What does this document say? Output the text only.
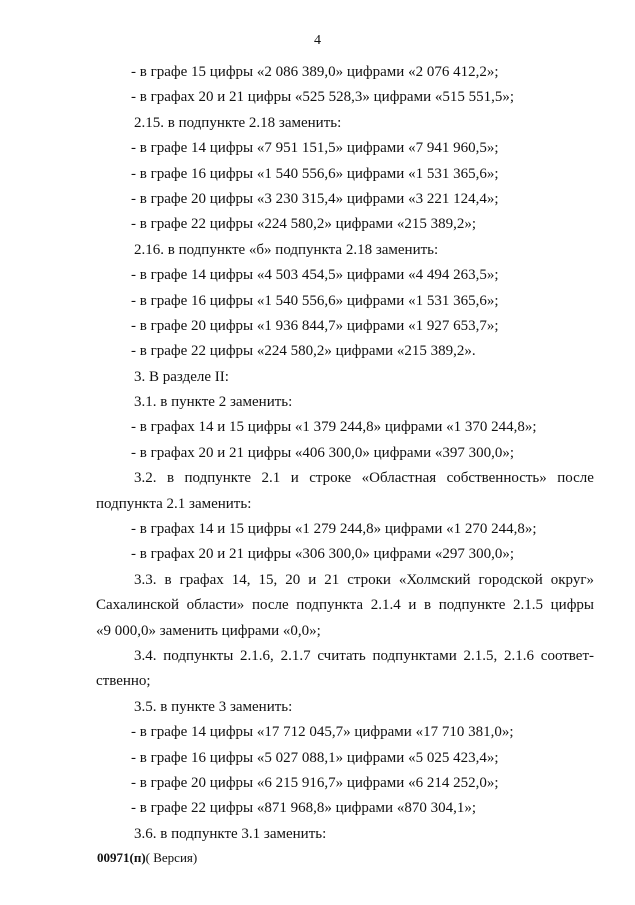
4
- в графе 15 цифры «2 086 389,0» цифрами «2 076 412,2»;
- в графах 20 и 21 цифры «525 528,3» цифрами «515 551,5»;
2.15. в подпункте 2.18 заменить:
- в графе 14 цифры «7 951 151,5» цифрами «7 941 960,5»;
- в графе 16 цифры «1 540 556,6» цифрами «1 531 365,6»;
- в графе 20 цифры «3 230 315,4» цифрами «3 221 124,4»;
- в графе 22 цифры «224 580,2» цифрами «215 389,2»;
2.16. в подпункте «б» подпункта 2.18 заменить:
- в графе 14 цифры «4 503 454,5» цифрами «4 494 263,5»;
- в графе 16 цифры «1 540 556,6» цифрами «1 531 365,6»;
- в графе 20 цифры «1 936 844,7» цифрами «1 927 653,7»;
- в графе 22 цифры «224 580,2» цифрами «215 389,2».
3. В разделе II:
3.1. в пункте 2 заменить:
- в графах 14 и 15 цифры «1 379 244,8» цифрами «1 370 244,8»;
- в графах 20 и 21 цифры «406 300,0» цифрами «397 300,0»;
3.2. в подпункте 2.1 и строке «Областная собственность» после
подпункта 2.1 заменить:
- в графах 14 и 15 цифры «1 279 244,8» цифрами «1 270 244,8»;
- в графах 20 и 21 цифры «306 300,0» цифрами «297 300,0»;
3.3. в графах 14, 15, 20 и 21 строки «Холмский городской округ»
Сахалинской области» после подпункта 2.1.4 и в подпункте 2.1.5 цифры
«9 000,0» заменить цифрами «0,0»;
3.4. подпункты 2.1.6, 2.1.7 считать подпунктами 2.1.5, 2.1.6 соответ-
ственно;
3.5. в пункте 3 заменить:
- в графе 14 цифры «17 712 045,7» цифрами «17 710 381,0»;
- в графе 16 цифры «5 027 088,1» цифрами «5 025 423,4»;
- в графе 20 цифры «6 215 916,7» цифрами «6 214 252,0»;
- в графе 22 цифры «871 968,8» цифрами «870 304,1»;
3.6. в подпункте 3.1 заменить:
00971(п)( Версия)
